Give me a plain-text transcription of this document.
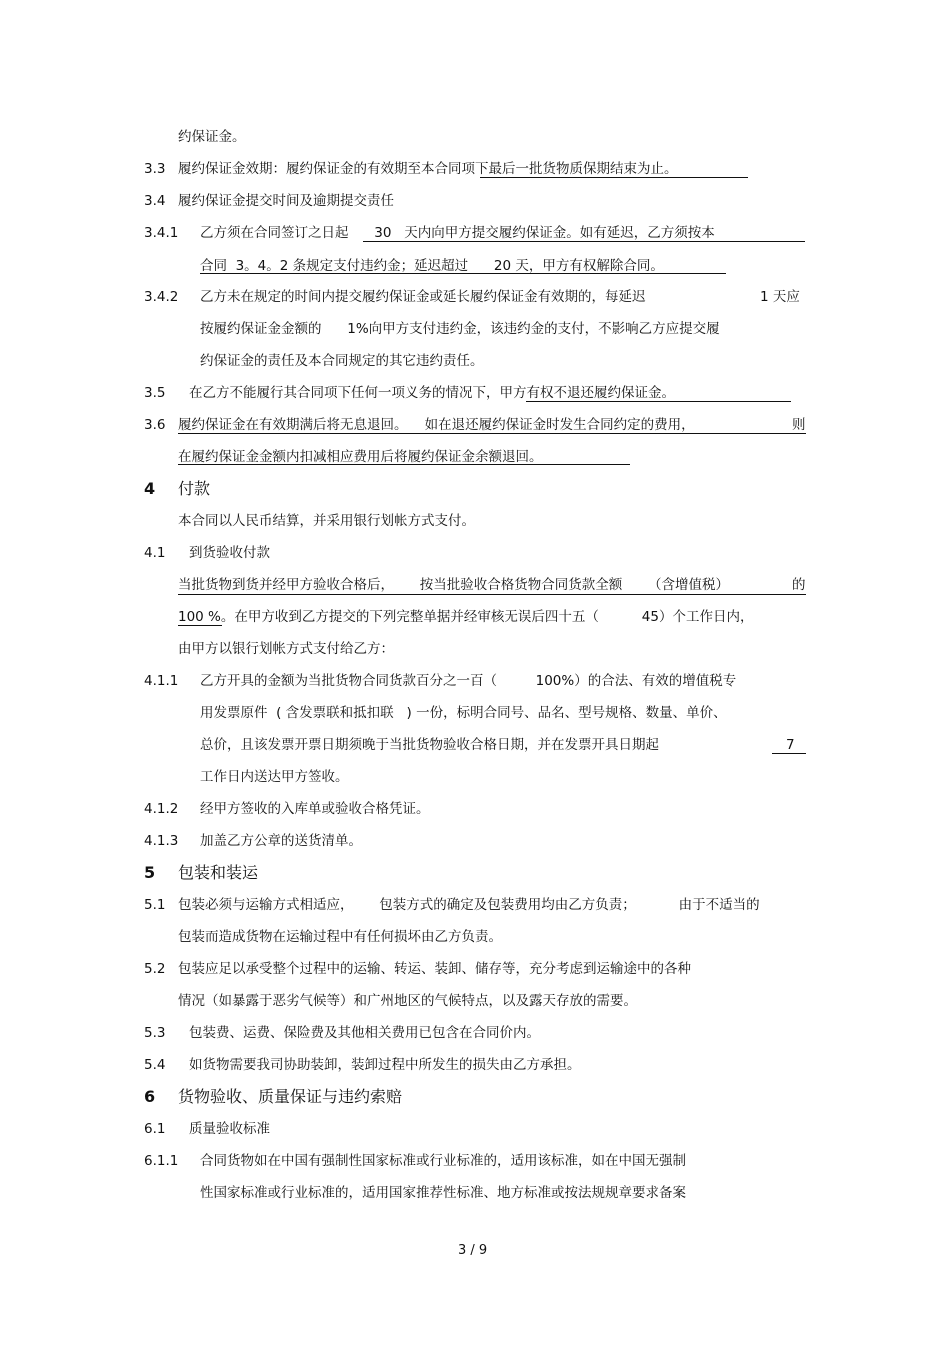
约保证金。
3.3 履约保证金效期：履约保证金的有效期至本合同项下最后一批货物质保期结束为止。
3.4 履约保证金提交时间及逾期提交责任
3.4.1 乙方须在合同签订之日起      30   天内向甲方提交履约保证金。如有延迟，乙方须按本
合同  3。4。2 条规定支付违约金；延迟超过      20 天，甲方有权解除合同。
3.4.2 乙方未在规定的时间内提交履约保证金或延长履约保证金有效期的，每延迟	1 天应
按履约保证金金额的      1%向甲方支付违约金，该违约金的支付，不影响乙方应提交履
约保证金的责任及本合同规定的其它违约责任。
3.5 在乙方不能履行其合同项下任何一项义务的情况下，甲方有权不退还履约保证金。
3.6 履约保证金在有效期满后将无息退回。    如在退还履约保证金时发生合同约定的费用，	则
在履约保证金金额内扣减相应费用后将履约保证金余额退回。
4 付款
本合同以人民币结算，并采用银行划帐方式支付。
4.1 到货验收付款
当批货物到货并经甲方验收合格后，      按当批验收合格货物合同货款全额      （含增值税）	的
100 %。在甲方收到乙方提交的下列完整单据并经审核无误后四十五（          45）个工作日内，
由甲方以银行划帐方式支付给乙方：
4.1.1 乙方开具的金额为当批货物合同货款百分之一百（         100%）的合法、有效的增值税专
用发票原件  ( 含发票联和抵扣联   ) 一份，标明合同号、品名、型号规格、数量、单价、
总价，且该发票开票日期须晚于当批货物验收合格日期，并在发票开具日期起	7
工作日内送达甲方签收。
4.1.2 经甲方签收的入库单或验收合格凭证。
4.1.3 加盖乙方公章的送货清单。
5 包装和装运
5.1 包装必须与运输方式相适应，      包装方式的确定及包装费用均由乙方负责；          由于不适当的
包装而造成货物在运输过程中有任何损坏由乙方负责。
5.2 包装应足以承受整个过程中的运输、转运、装卸、储存等，充分考虑到运输途中的各种
情况（如暴露于恶劣气候等）和广州地区的气候特点，以及露天存放的需要。
5.3 包装费、运费、保险费及其他相关费用已包含在合同价内。
5.4 如货物需要我司协助装卸，装卸过程中所发生的损失由乙方承担。
6 货物验收、质量保证与违约索赔
6.1 质量验收标准
6.1.1 合同货物如在中国有强制性国家标准或行业标准的，适用该标准，如在中国无强制
性国家标准或行业标准的，适用国家推荐性标准、地方标准或按法规规章要求备案
3 / 9
